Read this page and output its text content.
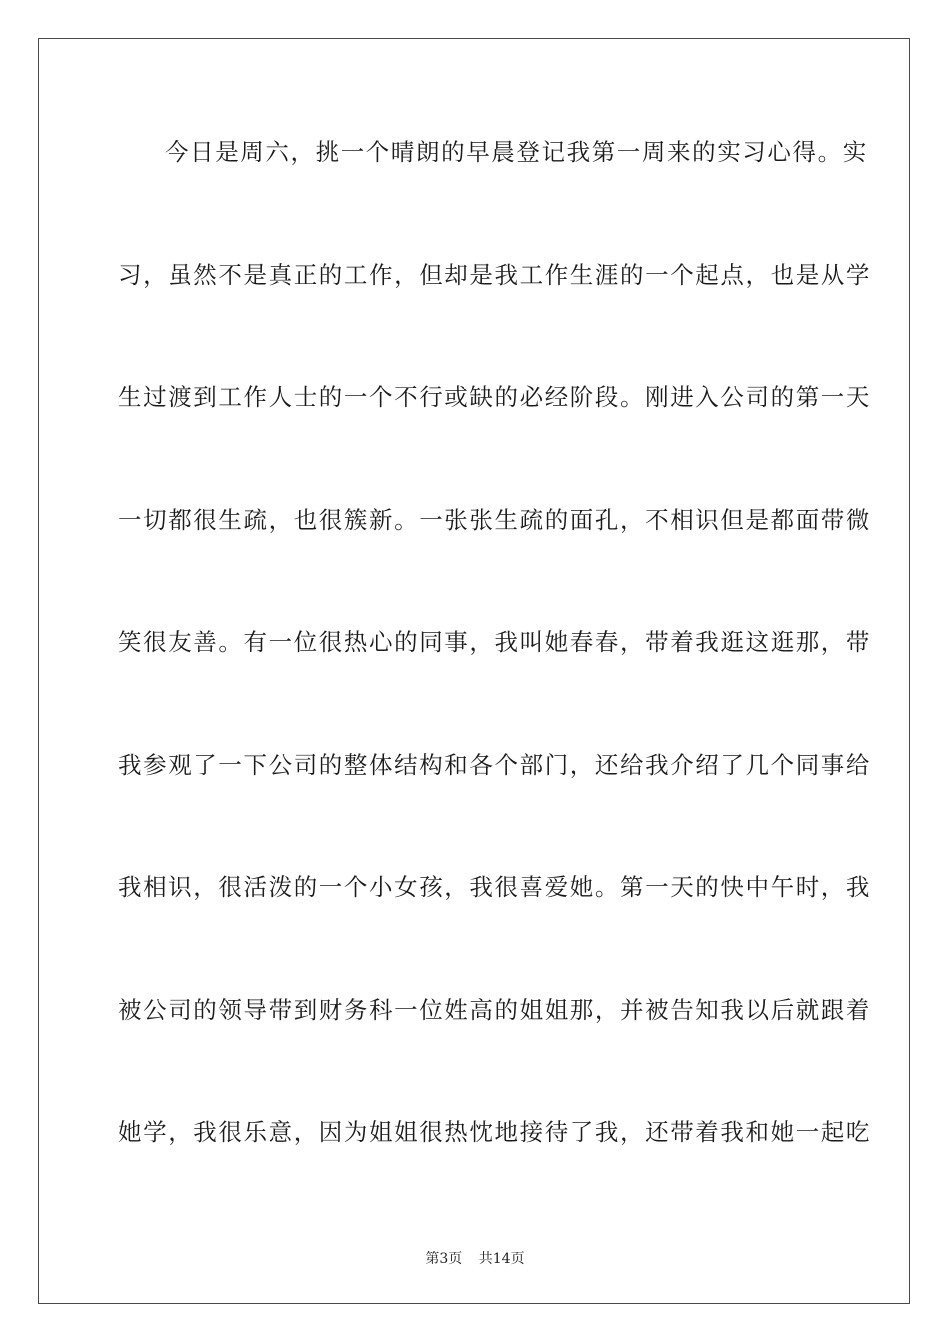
今日是周六，挑一个晴朗的早晨登记我第一周来的实习心得。实
习，虽然不是真正的工作，但却是我工作生涯的一个起点，也是从学
生过渡到工作人士的一个不行或缺的必经阶段。刚进入公司的第一天
一切都很生疏，也很簇新。一张张生疏的面孔，不相识但是都面带微
笑很友善。有一位很热心的同事，我叫她春春，带着我逛这逛那，带
我参观了一下公司的整体结构和各个部门，还给我介绍了几个同事给
我相识，很活泼的一个小女孩，我很喜爱她。第一天的快中午时，我
被公司的领导带到财务科一位姓高的姐姐那，并被告知我以后就跟着
她学，我很乐意，因为姐姐很热忱地接待了我，还带着我和她一起吃
第3页 共14页
